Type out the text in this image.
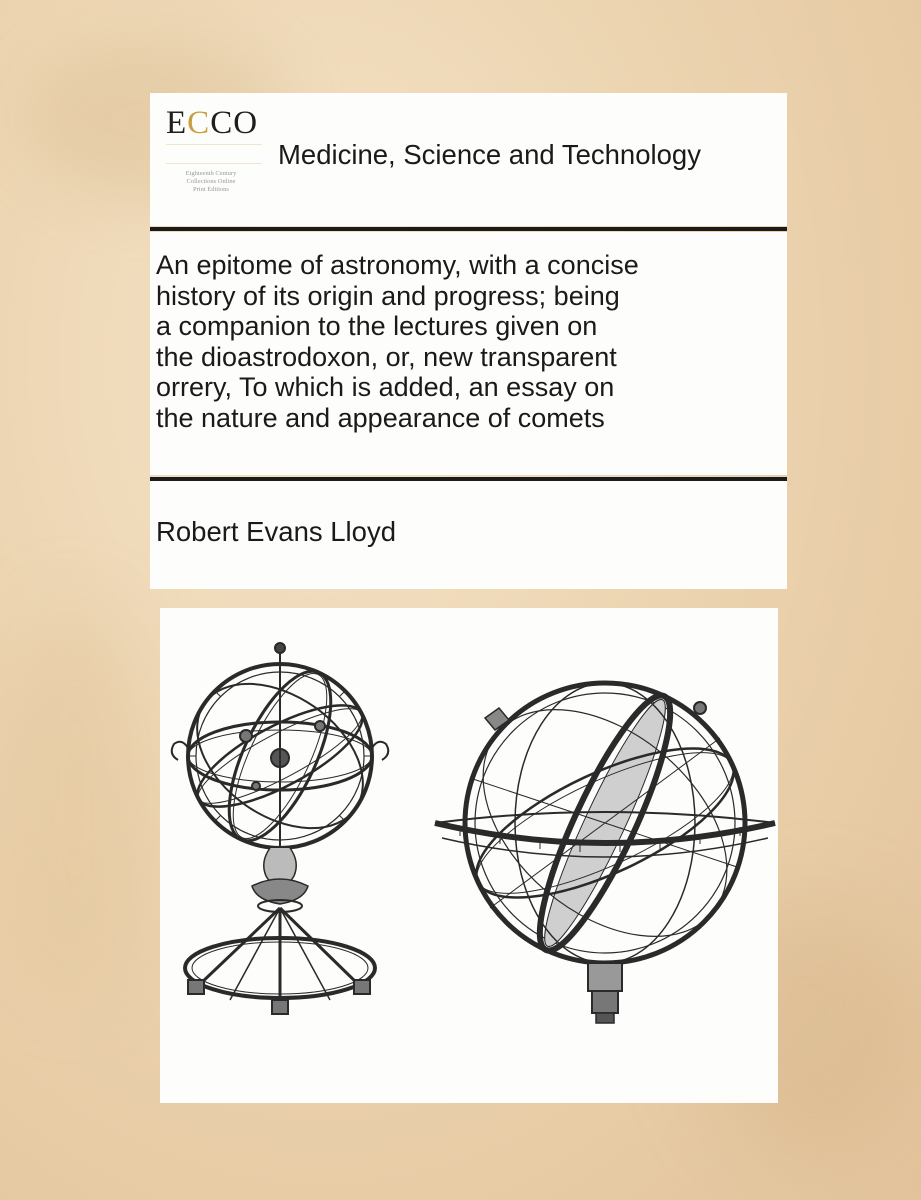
ECCO
Eighteenth Century
Collections Online
Print Editions
Medicine, Science and Technology
An epitome of astronomy, with a concise
history of its origin and progress; being
a companion to the lectures given on
the dioastrodoxon, or, new transparent
orrery, To which is added, an essay on
the nature and appearance of comets
Robert Evans Lloyd
